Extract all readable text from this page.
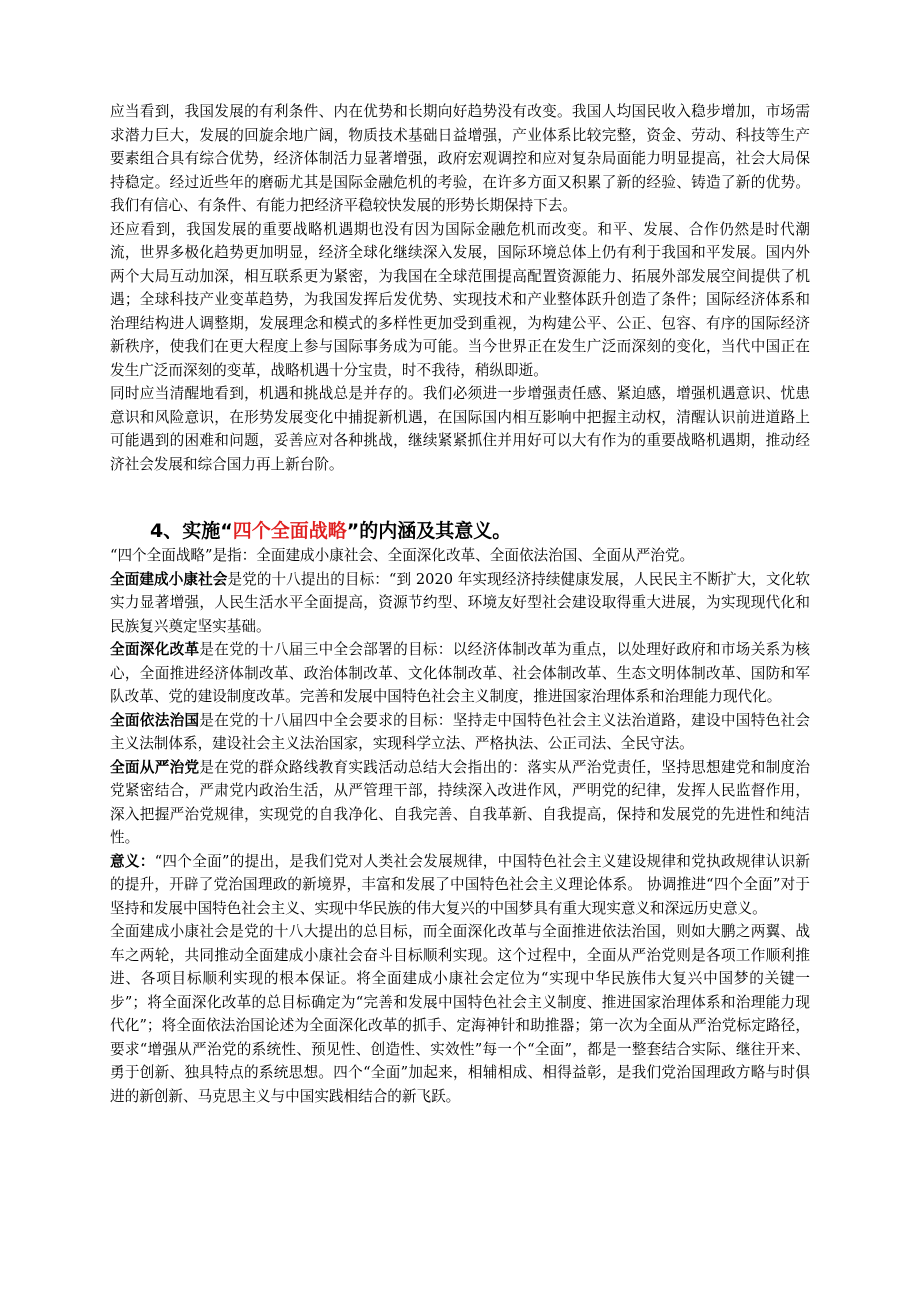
应当看到，我国发展的有利条件、内在优势和长期向好趋势没有改变。我国人均国民收入稳步增加，市场需求潜力巨大，发展的回旋余地广阔，物质技术基础日益增强，产业体系比较完整，资金、劳动、科技等生产要素组合具有综合优势，经济体制活力显著增强，政府宏观调控和应对复杂局面能力明显提高，社会大局保持稳定。经过近些年的磨砺尤其是国际金融危机的考验，在许多方面又积累了新的经验、铸造了新的优势。我们有信心、有条件、有能力把经济平稳较快发展的形势长期保持下去。

还应看到，我国发展的重要战略机遇期也没有因为国际金融危机而改变。和平、发展、合作仍然是时代潮流，世界多极化趋势更加明显，经济全球化继续深入发展，国际环境总体上仍有利于我国和平发展。国内外两个大局互动加深，相互联系更为紧密，为我国在全球范围提高配置资源能力、拓展外部发展空间提供了机遇；全球科技产业变革趋势，为我国发挥后发优势、实现技术和产业整体跃升创造了条件；国际经济体系和治理结构进人调整期，发展理念和模式的多样性更加受到重视，为构建公平、公正、包容、有序的国际经济新秩序，使我们在更大程度上参与国际事务成为可能。当今世界正在发生广泛而深刻的变化，当代中国正在发生广泛而深刻的变革，战略机遇十分宝贵，时不我待，稍纵即逝。

同时应当清醒地看到，机遇和挑战总是并存的。我们必须进一步增强责任感、紧迫感，增强机遇意识、忧患意识和风险意识，在形势发展变化中捕捉新机遇，在国际国内相互影响中把握主动权，清醒认识前进道路上可能遇到的困难和问题，妥善应对各种挑战，继续紧紧抓住并用好可以大有作为的重要战略机遇期，推动经济社会发展和综合国力再上新台阶。

4、实施“四个全面战略”的内涵及其意义。

“四个全面战略”是指：全面建成小康社会、全面深化改革、全面依法治国、全面从严治党。

全面建成小康社会是党的十八提出的目标：“到 2020 年实现经济持续健康发展，人民民主不断扩大，文化软实力显著增强，人民生活水平全面提高，资源节约型、环境友好型社会建设取得重大进展，为实现现代化和民族复兴奠定坚实基础。

全面深化改革是在党的十八届三中全会部署的目标：以经济体制改革为重点，以处理好政府和市场关系为核心，全面推进经济体制改革、政治体制改革、文化体制改革、社会体制改革、生态文明体制改革、国防和军队改革、党的建设制度改革。完善和发展中国特色社会主义制度，推进国家治理体系和治理能力现代化。

全面依法治国是在党的十八届四中全会要求的目标：坚持走中国特色社会主义法治道路，建设中国特色社会主义法制体系，建设社会主义法治国家，实现科学立法、严格执法、公正司法、全民守法。

全面从严治党是在党的群众路线教育实践活动总结大会指出的：落实从严治党责任，坚持思想建党和制度治党紧密结合，严肃党内政治生活，从严管理干部，持续深入改进作风，严明党的纪律，发挥人民监督作用，深入把握严治党规律，实现党的自我净化、自我完善、自我革新、自我提高，保持和发展党的先进性和纯洁性。

意义：“四个全面”的提出，是我们党对人类社会发展规律，中国特色社会主义建设规律和党执政规律认识新的提升，开辟了党治国理政的新境界，丰富和发展了中国特色社会主义理论体系。 协调推进“四个全面”对于坚持和发展中国特色社会主义、实现中华民族的伟大复兴的中国梦具有重大现实意义和深远历史意义。

全面建成小康社会是党的十八大提出的总目标，而全面深化改革与全面推进依法治国，则如大鹏之两翼、战车之两轮，共同推动全面建成小康社会奋斗目标顺利实现。这个过程中，全面从严治党则是各项工作顺利推进、各项目标顺利实现的根本保证。将全面建成小康社会定位为“实现中华民族伟大复兴中国梦的关键一步”；将全面深化改革的总目标确定为“完善和发展中国特色社会主义制度、推进国家治理体系和治理能力现代化”；将全面依法治国论述为全面深化改革的抓手、定海神针和助推器；第一次为全面从严治党标定路径，要求“增强从严治党的系统性、预见性、创造性、实效性”每一个“全面”，都是一整套结合实际、继往开来、勇于创新、独具特点的系统思想。四个“全面”加起来，相辅相成、相得益彰，是我们党治国理政方略与时俱进的新创新、马克思主义与中国实践相结合的新飞跃。
